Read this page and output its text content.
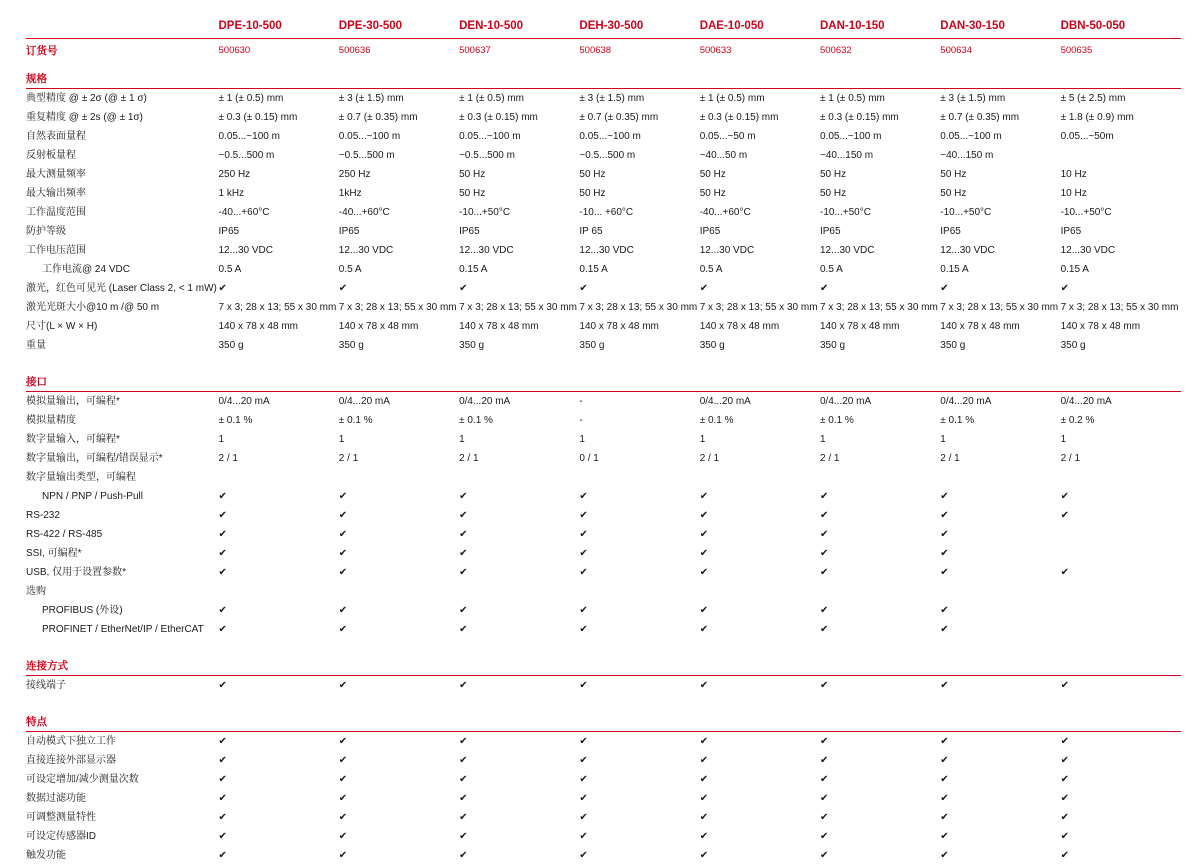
	DPE-10-500	DPE-30-500	DEN-10-500	DEH-30-500	DAE-10-050	DAN-10-150	DAN-30-150	DBN-50-050
订货号	500630	500636	500637	500638	500633	500632	500634	500635
规格								
典型精度 @ ± 2σ (@ ± 1 σ)	± 1 (± 0.5) mm	± 3 (± 1.5) mm	± 1 (± 0.5) mm	± 3 (± 1.5) mm	± 1 (± 0.5) mm	± 1 (± 0.5) mm	± 3 (± 1.5) mm	± 5 (± 2.5) mm
重复精度 @ ± 2s (@ ± 1σ)	± 0.3 (± 0.15) mm	± 0.7 (± 0.35) mm	± 0.3 (± 0.15) mm	± 0.7 (± 0.35) mm	± 0.3 (± 0.15) mm	± 0.3 (± 0.15) mm	± 0.7 (± 0.35) mm	± 1.8 (± 0.9) mm
自然表面量程	0.05...~100 m	0.05...~100 m	0.05...~100 m	0.05...~100 m	0.05...~50 m	0.05...~100 m	0.05...~100 m	0.05...~50m
反射板量程	~0.5...500 m	~0.5...500 m	~0.5...500 m	~0.5...500 m	~40...50 m	~40...150 m	~40...150 m	
最大测量频率	250 Hz	250 Hz	50 Hz	50 Hz	50 Hz	50 Hz	50 Hz	10 Hz
最大输出频率	1 kHz	1kHz	50 Hz	50 Hz	50 Hz	50 Hz	50 Hz	10 Hz
工作温度范围	-40...+60°C	-40...+60°C	-10...+50°C	-10... +60°C	-40...+60°C	-10...+50°C	-10...+50°C	-10...+50°C
防护等级	IP65	IP65	IP65	IP 65	IP65	IP65	IP65	IP65
工作电压范围	12...30 VDC	12...30 VDC	12...30 VDC	12...30 VDC	12...30 VDC	12...30 VDC	12...30 VDC	12...30 VDC
工作电流@ 24 VDC	0.5 A	0.5 A	0.15 A	0.15 A	0.5 A	0.5 A	0.15 A	0.15 A
激光，红色可见光 (Laser Class 2, < 1 mW)	✔	✔	✔	✔	✔	✔	✔	✔
激光光斑大小@10 m /@ 50 m	7 x 3; 28 x 13; 55 x 30 mm	7 x 3; 28 x 13; 55 x 30 mm	7 x 3; 28 x 13; 55 x 30 mm	7 x 3; 28 x 13; 55 x 30 mm	7 x 3; 28 x 13; 55 x 30 mm	7 x 3; 28 x 13; 55 x 30 mm	7 x 3; 28 x 13; 55 x 30 mm	7 x 3; 28 x 13; 55 x 30 mm
尺寸(L × W × H)	140 x 78 x 48 mm	140 x 78 x 48 mm	140 x 78 x 48 mm	140 x 78 x 48 mm	140 x 78 x 48 mm	140 x 78 x 48 mm	140 x 78 x 48 mm	140 x 78 x 48 mm
重量	350 g	350 g	350 g	350 g	350 g	350 g	350 g	350 g

接口								
模拟量输出，可编程*	0/4...20 mA	0/4...20 mA	0/4...20 mA	-	0/4...20 mA	0/4...20 mA	0/4...20 mA	0/4...20 mA
模拟量精度	± 0.1 %	± 0.1 %	± 0.1 %	-	± 0.1 %	± 0.1 %	± 0.1 %	± 0.2 %
数字量输入，可编程*	1	1	1	1	1	1	1	1
数字量输出，可编程/错误显示*	2 / 1	2 / 1	2 / 1	0 / 1	2 / 1	2 / 1	2 / 1	2 / 1
数字量输出类型，可编程								
NPN / PNP / Push-Pull	✔	✔	✔	✔	✔	✔	✔	✔
RS-232	✔	✔	✔	✔	✔	✔	✔	✔
RS-422 / RS-485	✔	✔	✔	✔	✔	✔	✔	
SSI, 可编程*	✔	✔	✔	✔	✔	✔	✔	
USB, 仅用于设置参数*	✔	✔	✔	✔	✔	✔	✔	✔
选购								
PROFIBUS (外设)	✔	✔	✔	✔	✔	✔	✔	
PROFINET / EtherNet/IP / EtherCAT	✔	✔	✔	✔	✔	✔	✔	

连接方式								
接线端子	✔	✔	✔	✔	✔	✔	✔	✔

特点								
自动模式下独立工作	✔	✔	✔	✔	✔	✔	✔	✔
直接连接外部显示器	✔	✔	✔	✔	✔	✔	✔	✔
可设定增加/减少测量次数	✔	✔	✔	✔	✔	✔	✔	✔
数据过滤功能	✔	✔	✔	✔	✔	✔	✔	✔
可调整测量特性	✔	✔	✔	✔	✔	✔	✔	✔
可设定传感器ID	✔	✔	✔	✔	✔	✔	✔	✔
触发功能	✔	✔	✔	✔	✔	✔	✔	✔
